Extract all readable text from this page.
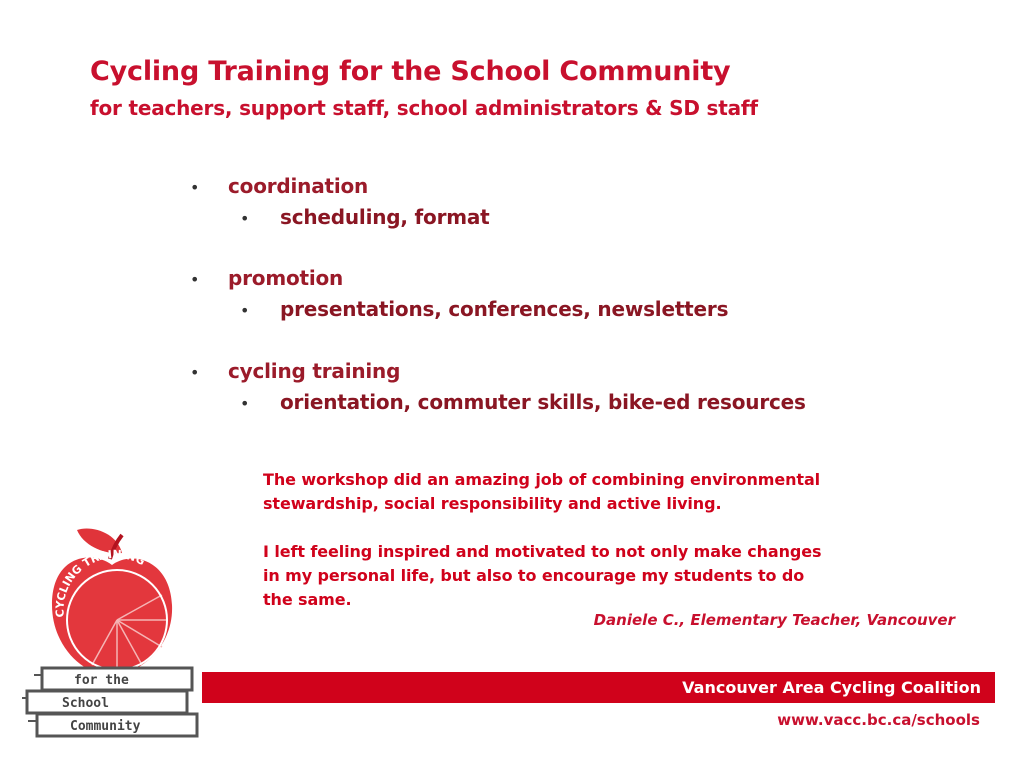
Cycling Training for the School Community
for teachers, support staff, school administrators & SD staff
• coordination
• scheduling, format
• promotion
• presentations, conferences, newsletters
• cycling training
• orientation, commuter skills, bike-ed resources
The workshop did an amazing job of combining environmental
stewardship, social responsibility and active living.
I left feeling inspired and motivated to not only make changes
in my personal life, but also to encourage my students to do
the same.
Daniele C., Elementary Teacher, Vancouver
CYCLING TRAINING
for the
School
Community
Vancouver Area Cycling Coalition
www.vacc.bc.ca/schools
